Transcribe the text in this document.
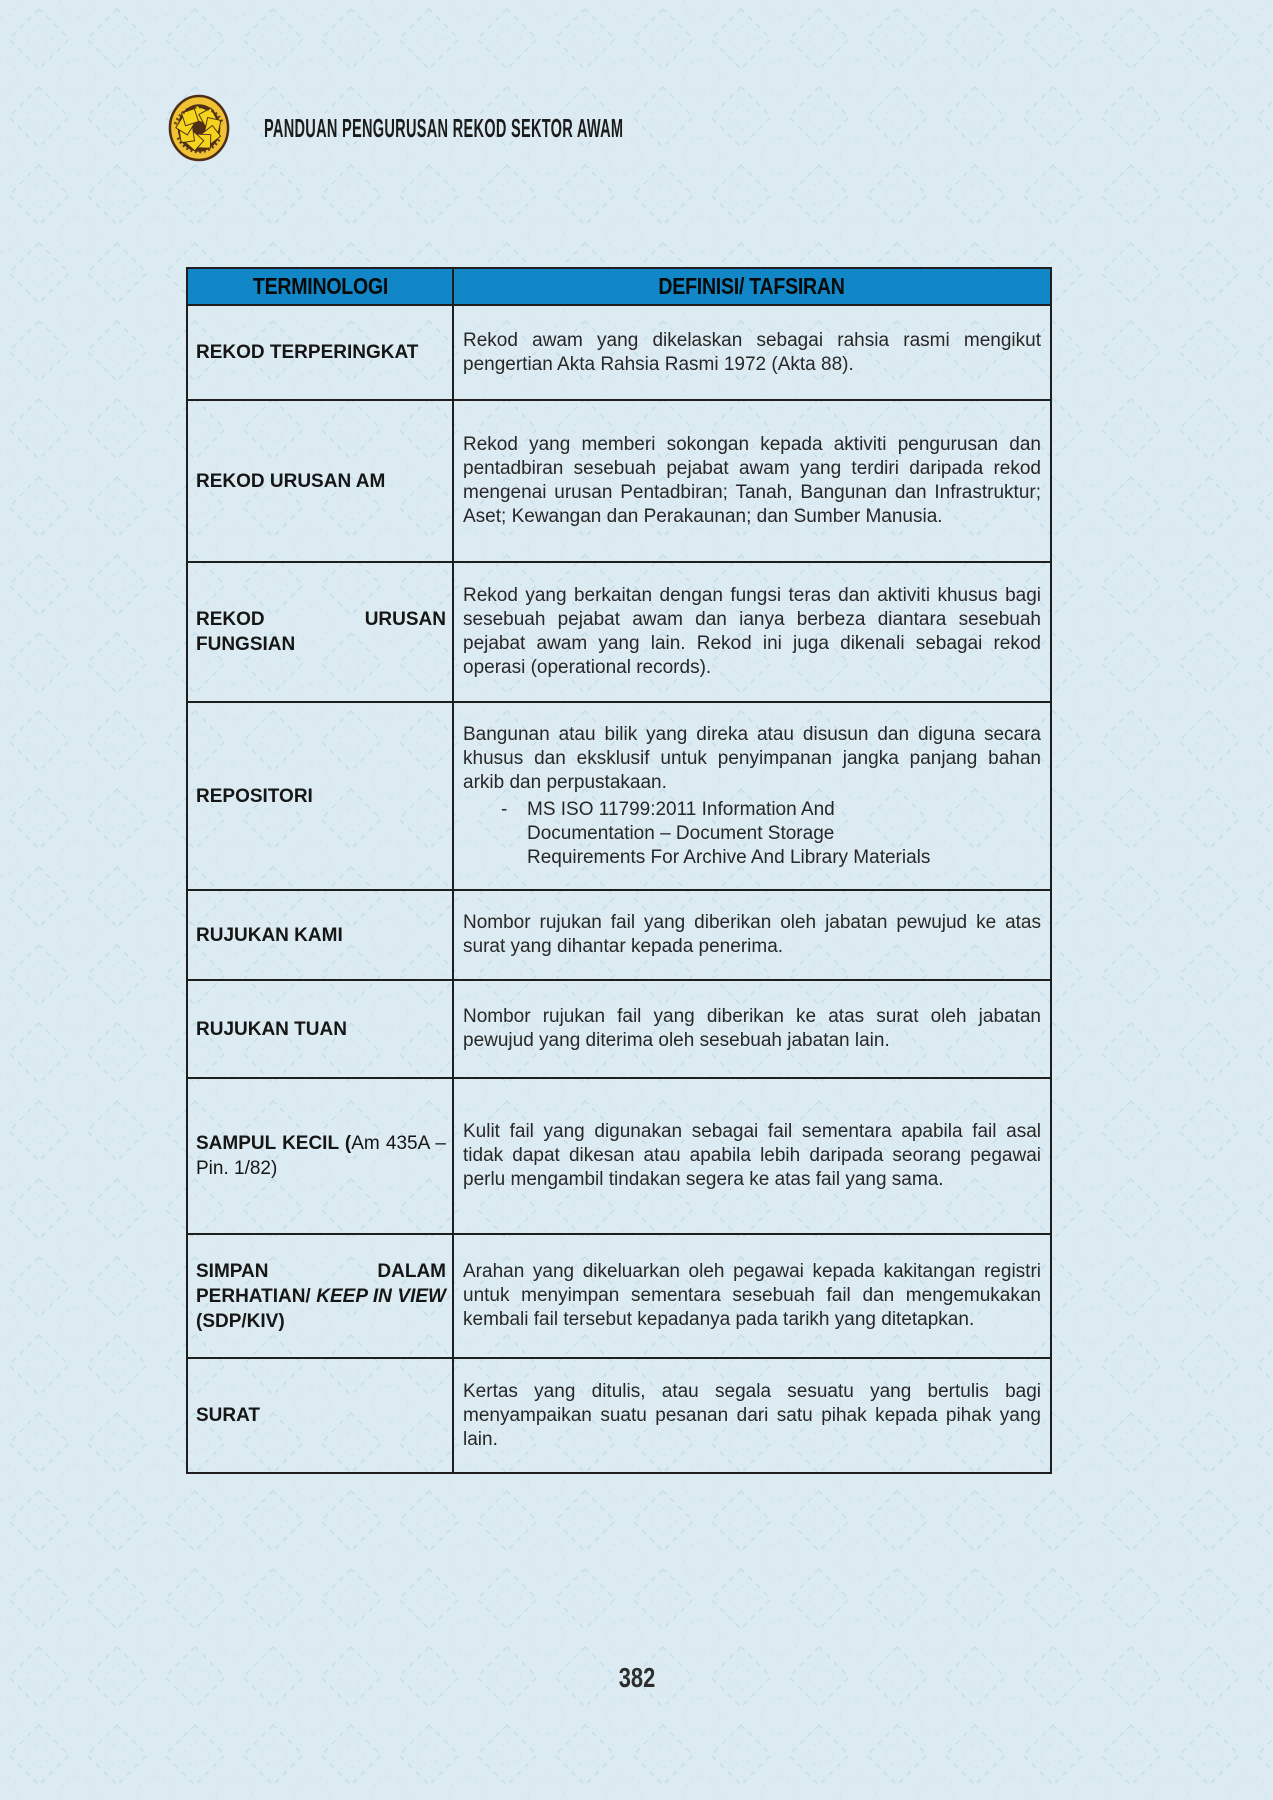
PANDUAN PENGURUSAN REKOD SEKTOR AWAM
TERMINOLOGI	DEFINISI/ TAFSIRAN
REKOD TERPERINGKAT	Rekod awam yang dikelaskan sebagai rahsia rasmi mengikut pengertian Akta Rahsia Rasmi 1972 (Akta 88).

REKOD URUSAN AM	Rekod yang memberi sokongan kepada aktiviti pengurusan dan pentadbiran sesebuah pejabat awam yang terdiri daripada rekod mengenai urusan Pentadbiran; Tanah, Bangunan dan Infrastruktur; Aset; Kewangan dan Perakaunan; dan Sumber Manusia.

REKOD URUSAN FUNGSIAN	Rekod yang berkaitan dengan fungsi teras dan aktiviti khusus bagi sesebuah pejabat awam dan ianya berbeza diantara sesebuah pejabat awam yang lain. Rekod ini juga dikenali sebagai rekod operasi (operational records).

REPOSITORI	Bangunan atau bilik yang direka atau disusun dan diguna secara khusus dan eksklusif untuk penyimpanan jangka panjang bahan arkib dan perpustakaan.

- MS ISO 11799:2011 Information And Documentation – Document Storage Requirements For Archive And Library Materials

RUJUKAN KAMI	Nombor rujukan fail yang diberikan oleh jabatan pewujud ke atas surat yang dihantar kepada penerima.

RUJUKAN TUAN	Nombor rujukan fail yang diberikan ke atas surat oleh jabatan pewujud yang diterima oleh sesebuah jabatan lain.

SAMPUL KECIL (Am 435A – Pin. 1/82)	Kulit fail yang digunakan sebagai fail sementara apabila fail asal tidak dapat dikesan atau apabila lebih daripada seorang pegawai perlu mengambil tindakan segera ke atas fail yang sama.

SIMPAN DALAM PERHATIAN/ KEEP IN VIEW (SDP/KIV)	Arahan yang dikeluarkan oleh pegawai kepada kakitangan registri untuk menyimpan sementara sesebuah fail dan mengemukakan kembali fail tersebut kepadanya pada tarikh yang ditetapkan.

SURAT	Kertas yang ditulis, atau segala sesuatu yang bertulis bagi menyampaikan suatu pesanan dari satu pihak kepada pihak yang lain.

382
